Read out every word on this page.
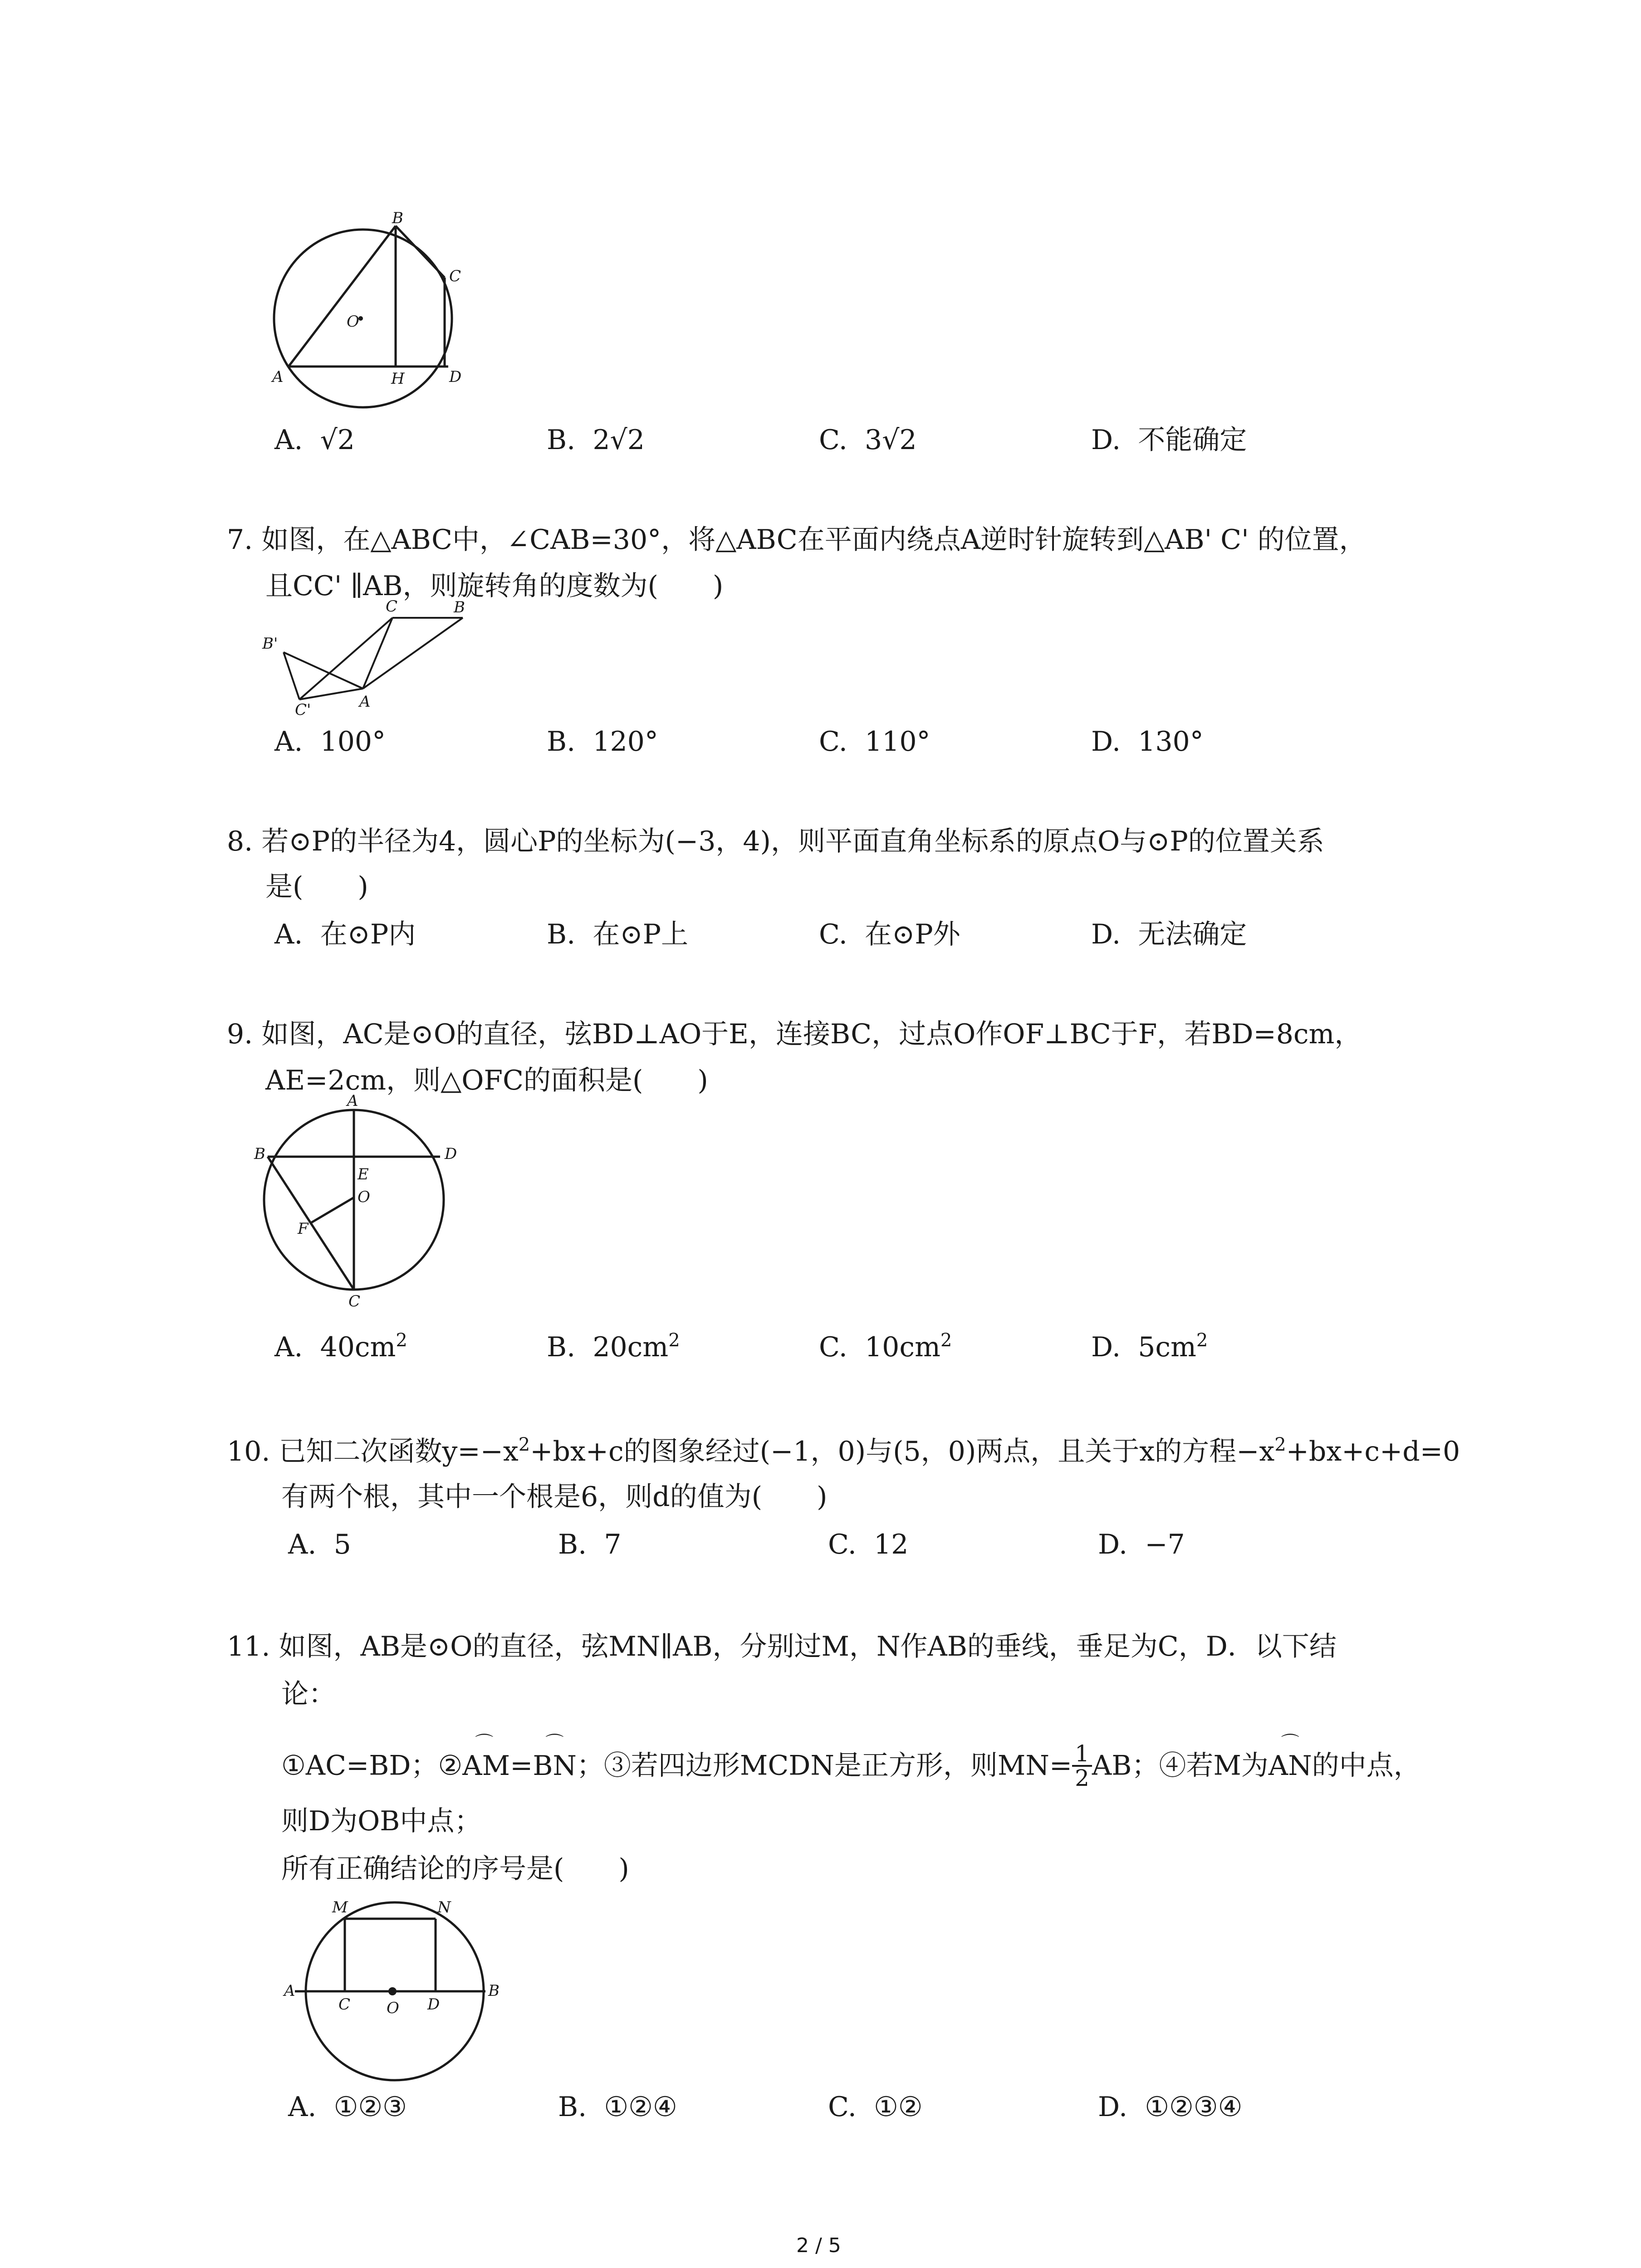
B
C
O
A	H	D
A. √2	B. 2√2	C. 3√2	D. 不能确定
7. 如图，在△ABC中，∠CAB=30°，将△ABC在平面内绕点A逆时针旋转到△AB' C' 的位置，
且CC' ∥AB，则旋转角的度数为(　　)
C	B
B'
C'	A
A. 100°	B. 120°	C. 110°	D. 130°
8. 若⊙P的半径为4，圆心P的坐标为(−3，4)，则平面直角坐标系的原点O与⊙P的位置关系
是(　　)
A. 在⊙P内	B. 在⊙P上	C. 在⊙P外	D. 无法确定
9. 如图，AC是⊙O的直径，弦BD⊥AO于E，连接BC，过点O作OF⊥BC于F，若BD=8cm，
AE=2cm，则△OFC的面积是(　　)
A
B	D
E
O
F
C
A. $40cm^2$	B. $20cm^2$	C. $10cm^2$	D. $5cm^2$
10. 已知二次函数$y=-x^2+bx+c$的图象经过(−1，0)与(5，0)两点，且关于x的方程$-x^2+bx+c+d=0$
有两个根，其中一个根是6，则d的值为(　　)
A. 5	B. 7	C. 12	D. −7
11. 如图，AB是⊙O的直径，弦MN∥AB，分别过M，N作AB的垂线，垂足为C，D．以下结
论：
①AC=BD；②
⌒
AM=
⌒
BN；③若四边形MCDN是正方形，则$MN= \frac{1}{2}$ AB；④若M为
⌒
AN的中点，
则D为OB中点；
所有正确结论的序号是(　　)
M	N
A
C O D
B
A. ①②③	B. ①②④	C. ①②	D. ①②③④
2 / 5
